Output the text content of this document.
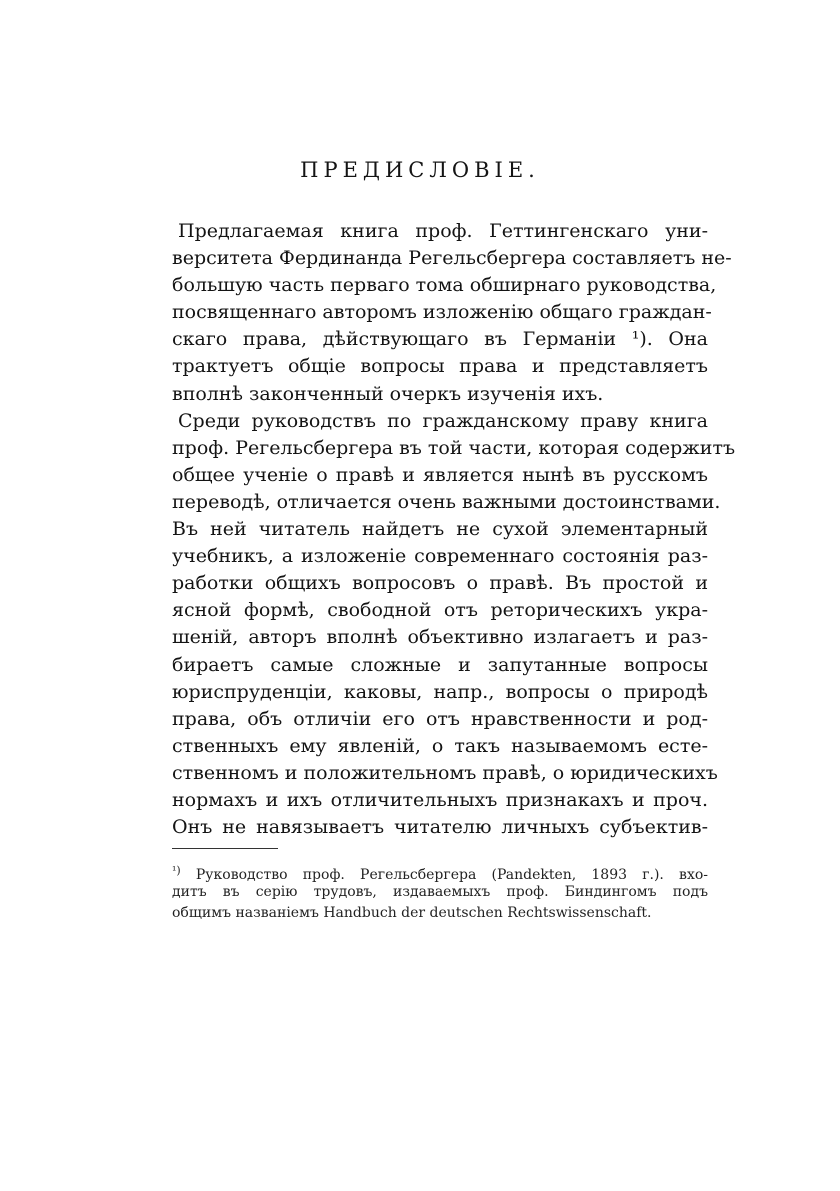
ПРЕДИСЛОВІЕ.
Предлагаемая книга проф. Геттингенскаго уни-
верситета Фердинанда Регельсбергера составляетъ не-
большую часть перваго тома обширнаго руководства,
посвященнаго авторомъ изложенію общаго граждан-
скаго права, дѣйствующаго въ Германіи ¹). Она
трактуетъ общіе вопросы права и представляетъ
вполнѣ законченный очеркъ изученія ихъ.
Среди руководствъ по гражданскому праву книга
проф. Регельсбергера въ той части, которая содержитъ
общее ученіе о правѣ и является нынѣ въ русскомъ
переводѣ, отличается очень важными достоинствами.
Въ ней читатель найдетъ не сухой элементарный
учебникъ, а изложеніе современнаго состоянія раз-
работки общихъ вопросовъ о правѣ. Въ простой и
ясной формѣ, свободной отъ реторическихъ укра-
шеній, авторъ вполнѣ объективно излагаетъ и раз-
бираетъ самые сложные и запутанные вопросы
юриспруденціи, каковы, напр., вопросы о природѣ
права, объ отличіи его отъ нравственности и род-
ственныхъ ему явленій, о такъ называемомъ есте-
ственномъ и положительномъ правѣ, о юридическихъ
нормахъ и ихъ отличительныхъ признакахъ и проч.
Онъ не навязываетъ читателю личныхъ субъектив-
$^{^1)}$ Руководство проф. Регельсбергера (Pandekten, 1893 г.). вхо-
дитъ въ серію трудовъ, издаваемыхъ проф. Биндингомъ подъ
общимъ названіемъ Handbuch der deutschen Rechtswissenschaft.
